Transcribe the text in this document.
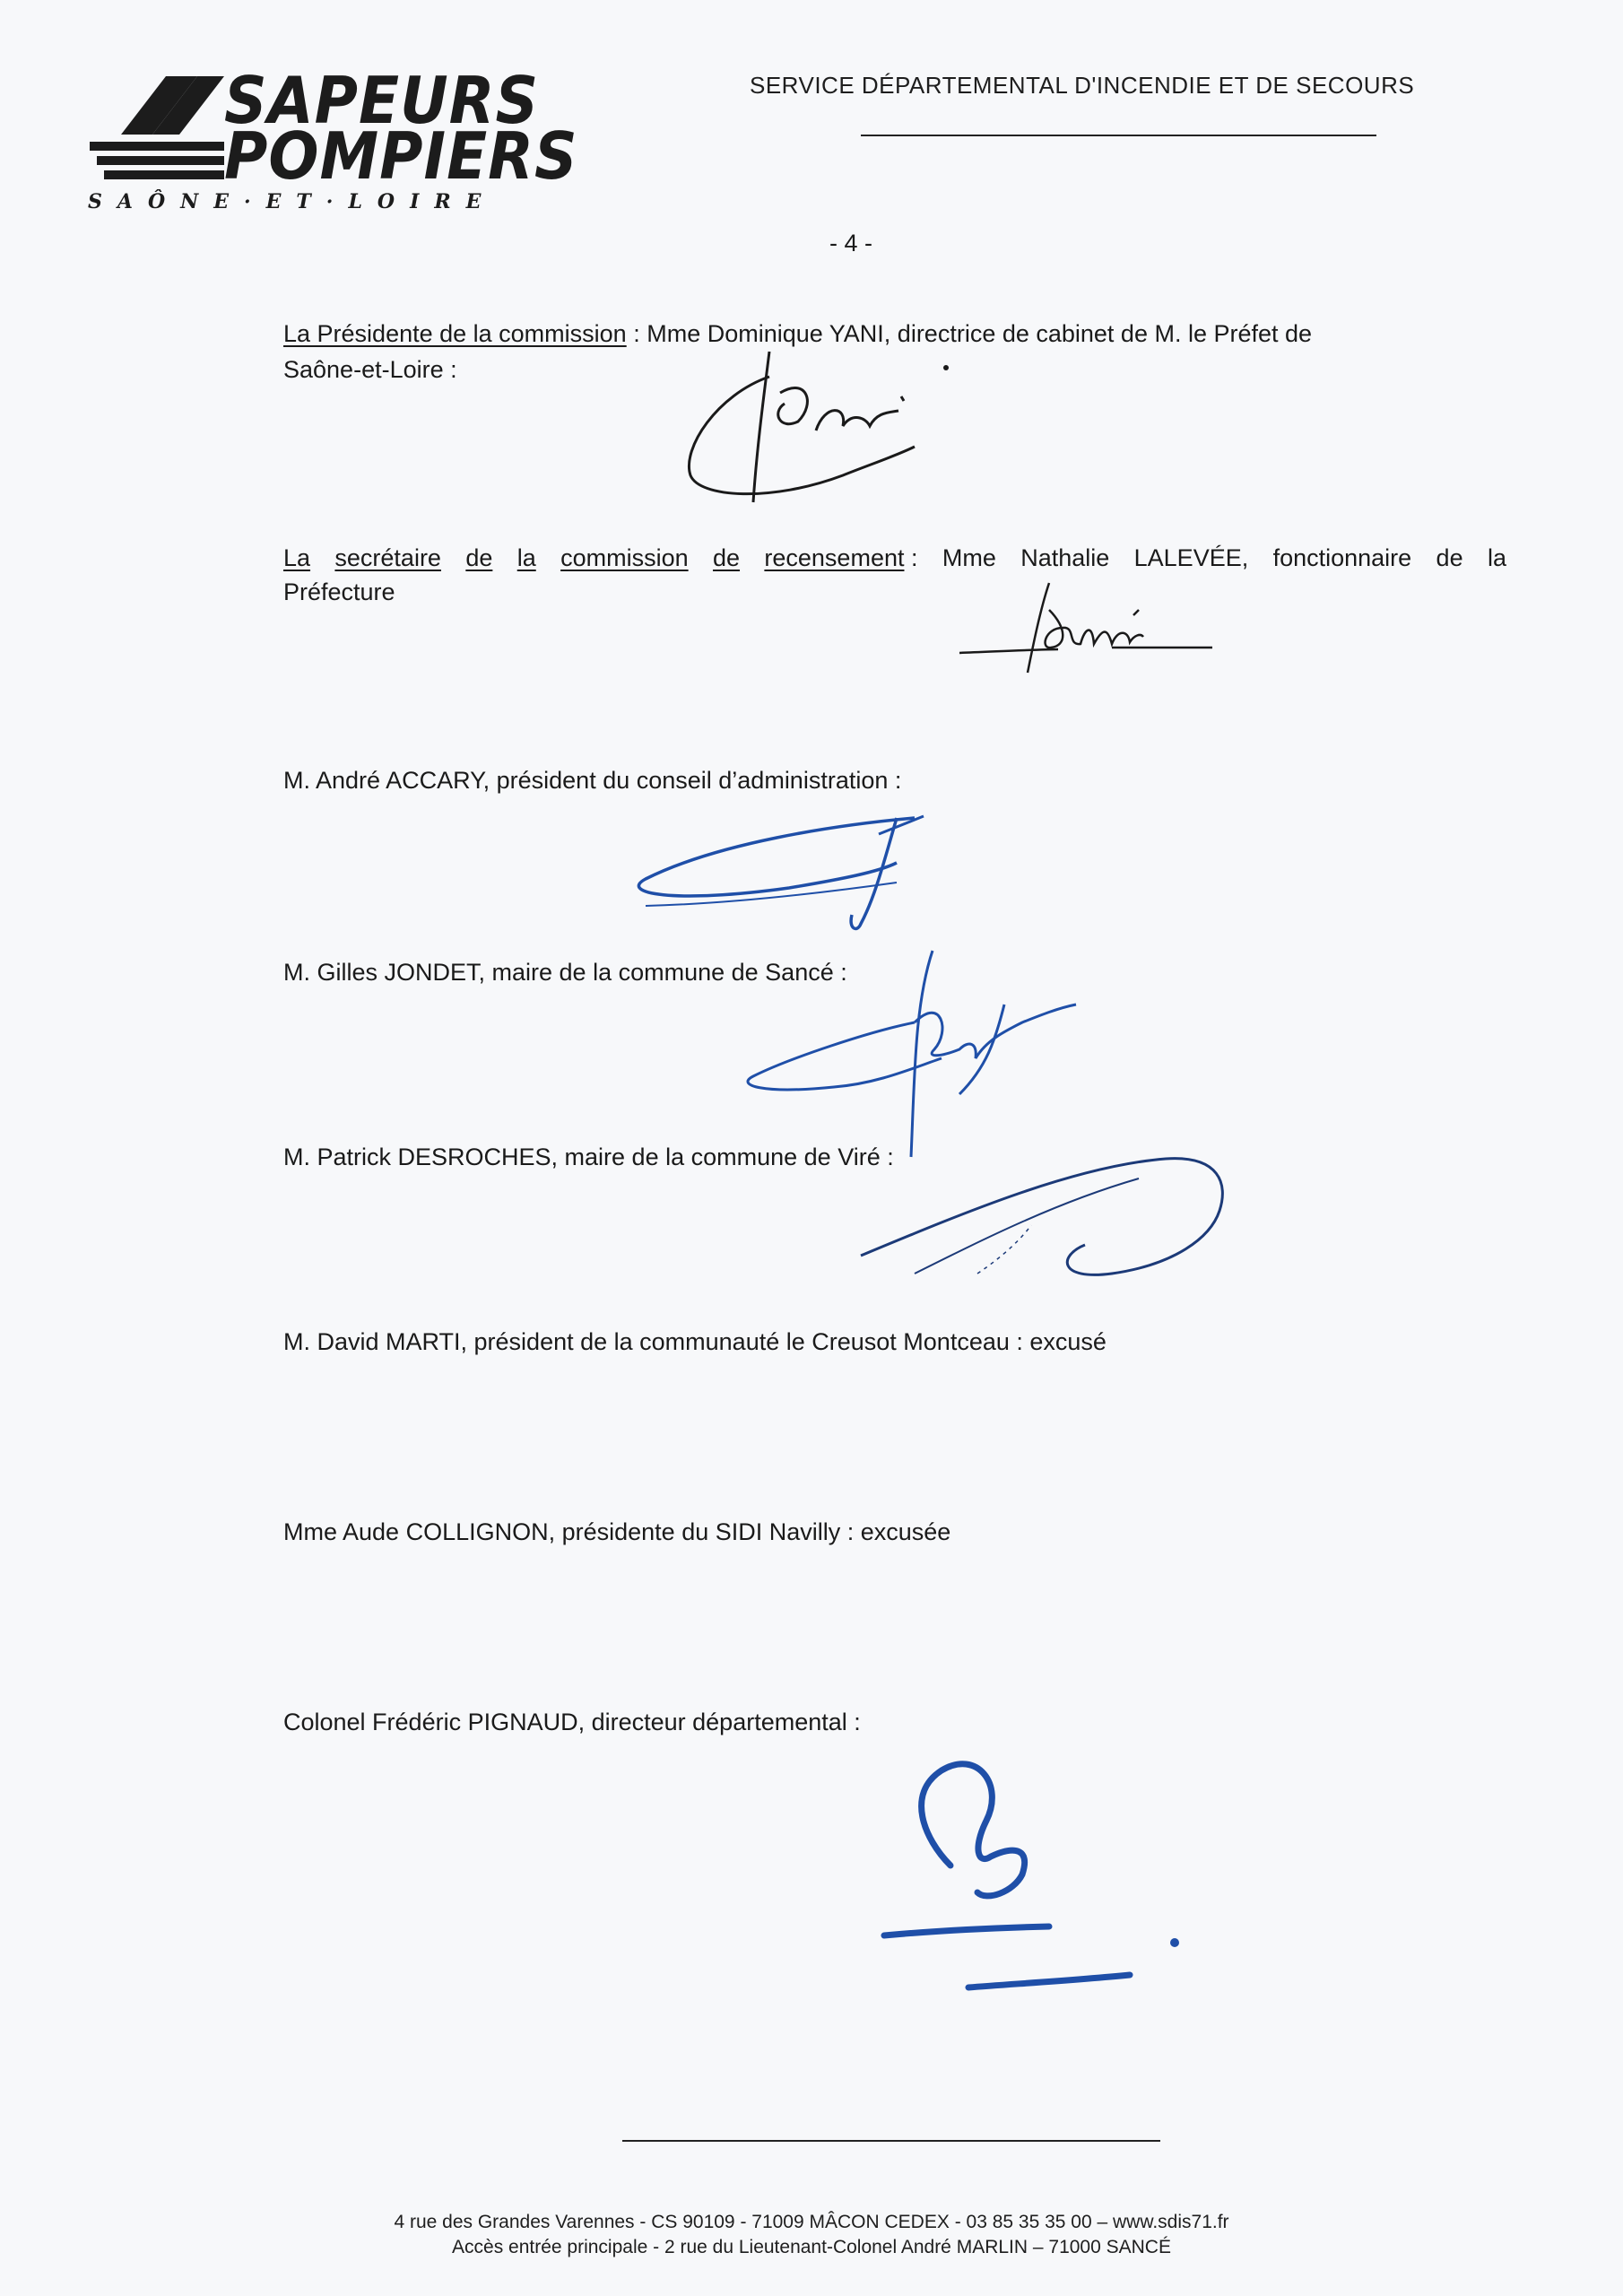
SAPEURS
POMPIERS
SAÔNE·ET·LOIRE
SERVICE DÉPARTEMENTAL D'INCENDIE ET DE SECOURS
- 4 -
La Présidente de la commission : Mme Dominique YANI, directrice de cabinet de M. le Préfet de
Saône-et-Loire :
La secrétaire de la commission de recensement : Mme Nathalie LALEVÉE, fonctionnaire de la
Préfecture
M. André ACCARY, président du conseil d’administration :
M. Gilles JONDET, maire de la commune de Sancé :
M. Patrick DESROCHES, maire de la commune de Viré :
M. David MARTI, président de la communauté le Creusot Montceau : excusé
Mme Aude COLLIGNON, présidente du SIDI Navilly : excusée
Colonel Frédéric PIGNAUD, directeur départemental :
4 rue des Grandes Varennes - CS 90109 - 71009 MÂCON CEDEX - 03 85 35 35 00 – www.sdis71.fr
Accès entrée principale - 2 rue du Lieutenant-Colonel André MARLIN – 71000 SANCÉ
